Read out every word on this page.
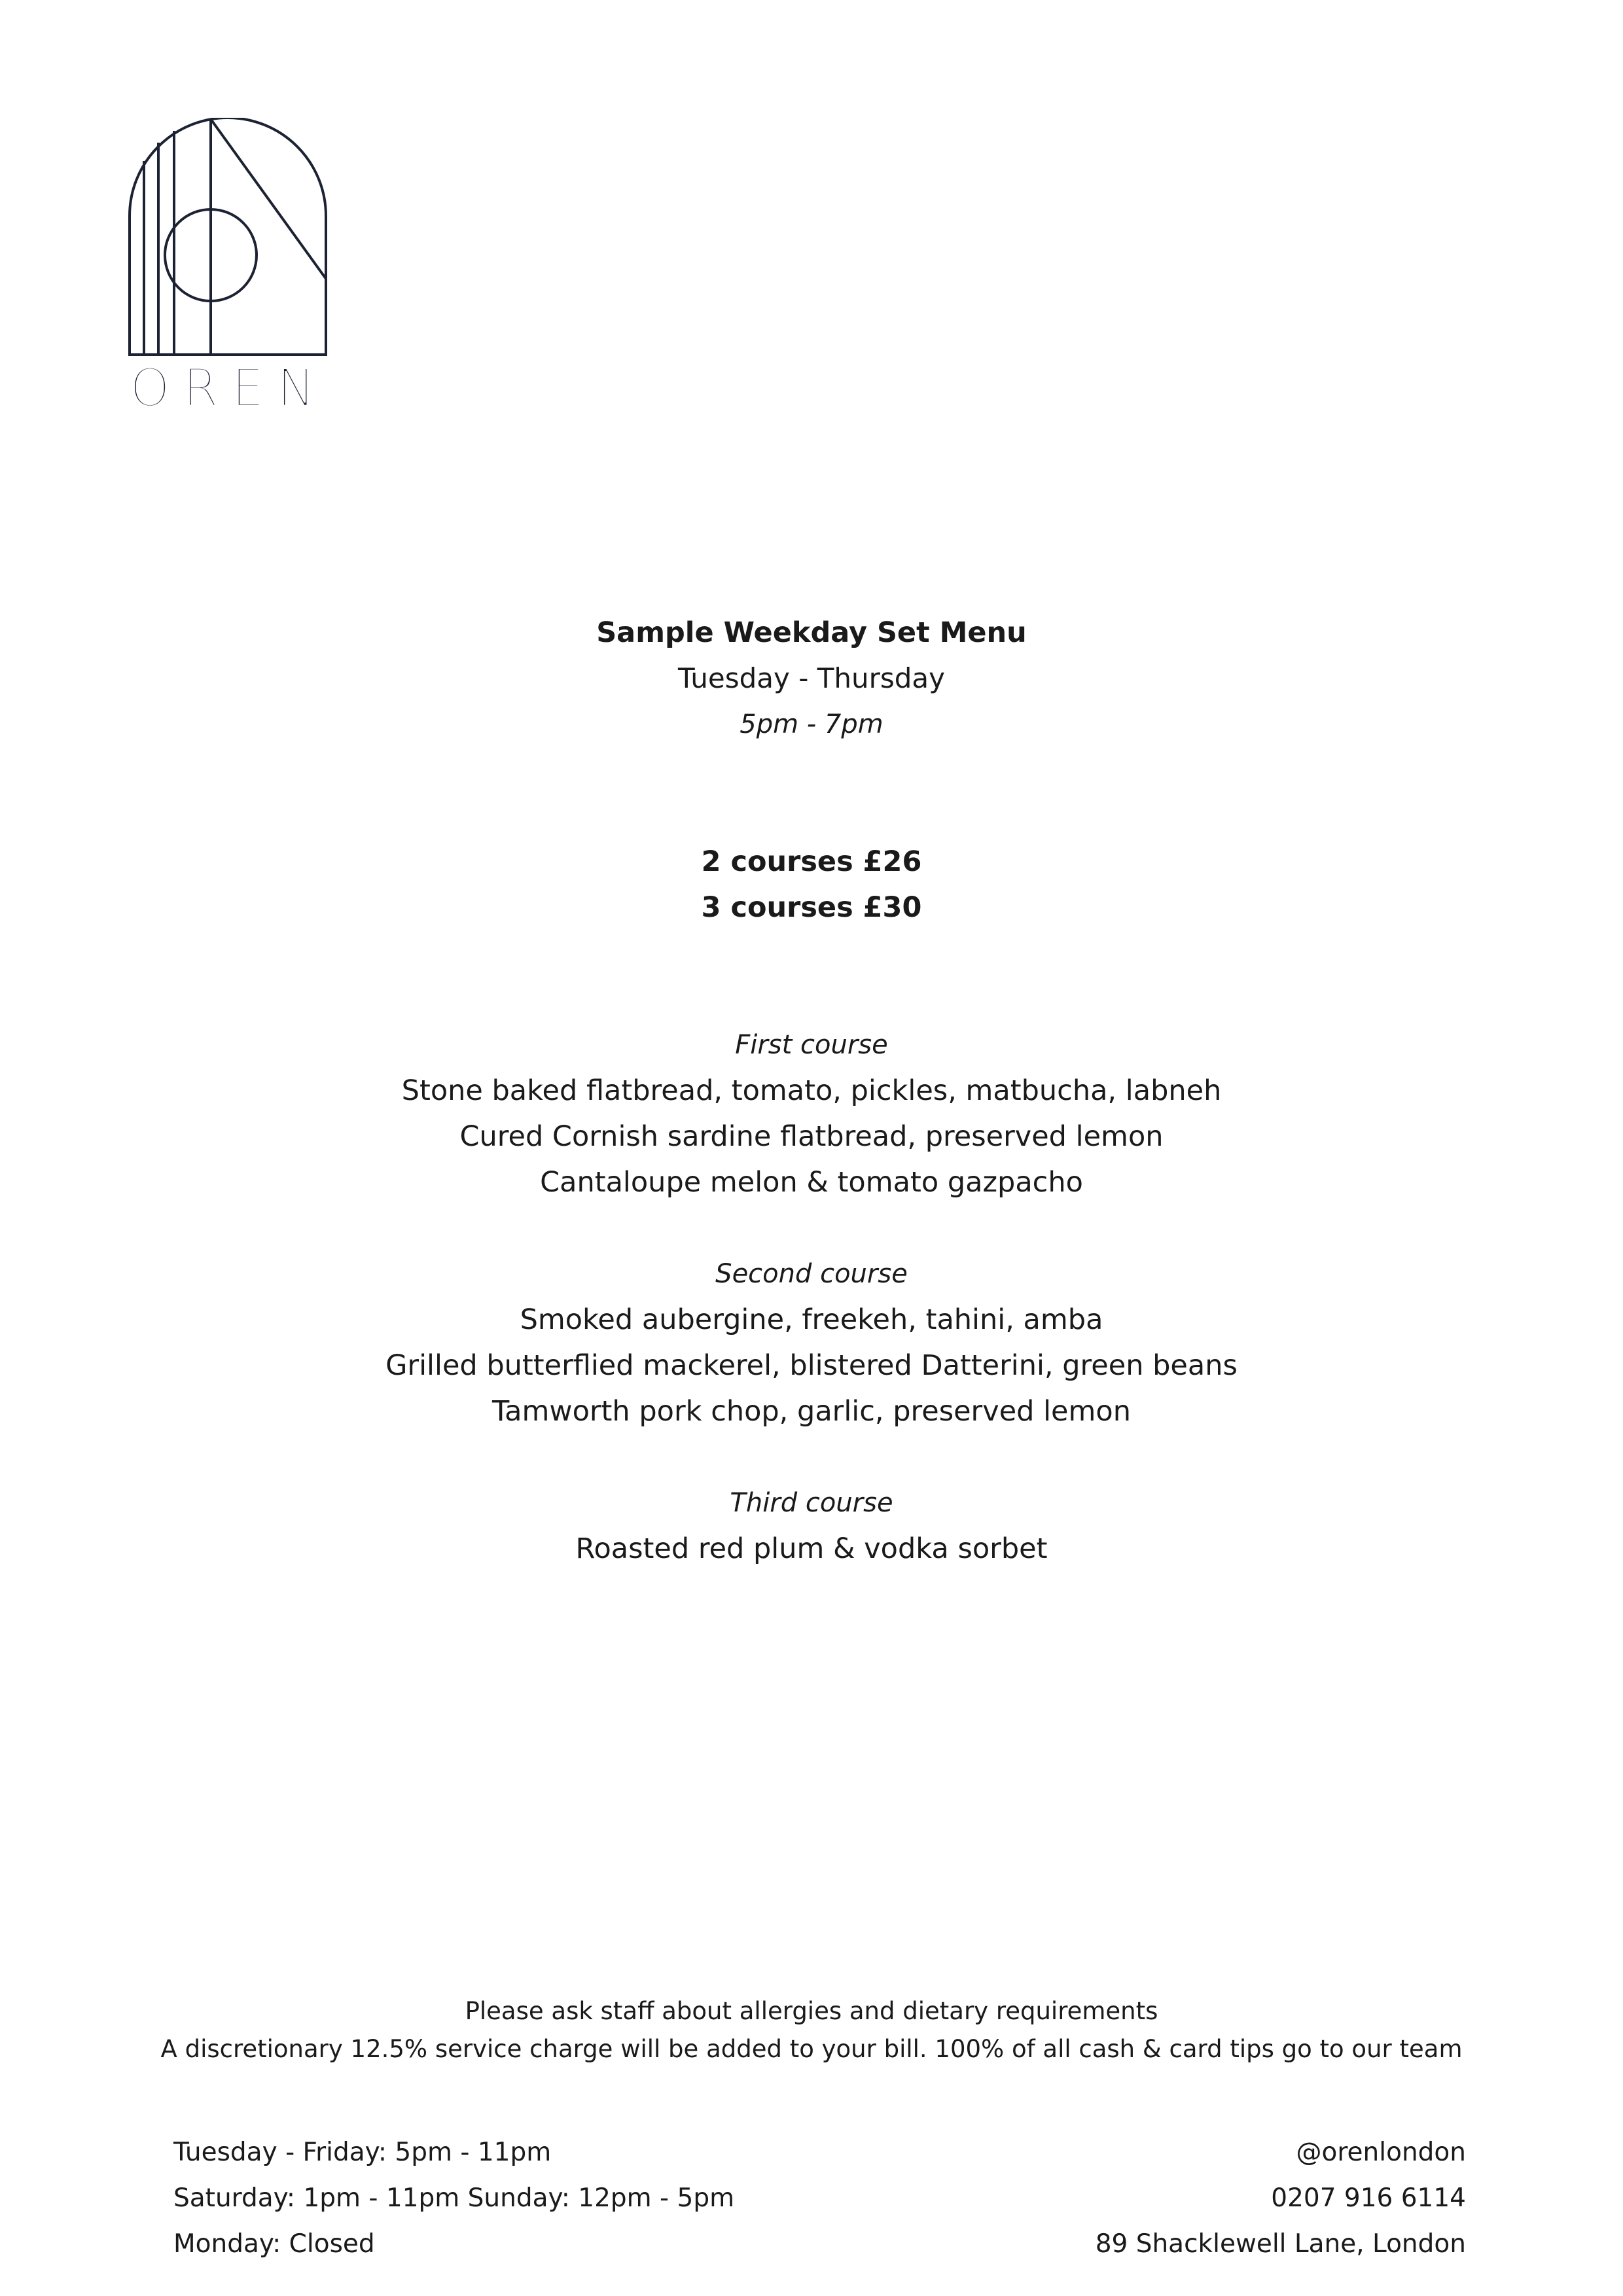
OREN
Sample Weekday Set Menu
Tuesday - Thursday
5pm - 7pm
2 courses £26
3 courses £30
First course
Stone baked flatbread, tomato, pickles, matbucha, labneh
Cured Cornish sardine flatbread, preserved lemon
Cantaloupe melon & tomato gazpacho
Second course
Smoked aubergine, freekeh, tahini, amba
Grilled butterflied mackerel, blistered Datterini, green beans
Tamworth pork chop, garlic, preserved lemon
Third course
Roasted red plum & vodka sorbet
Please ask staff about allergies and dietary requirements
A discretionary 12.5% service charge will be added to your bill. 100% of all cash & card tips go to our team
Tuesday - Friday: 5pm - 11pm
Saturday: 1pm - 11pm Sunday: 12pm - 5pm
Monday: Closed
@orenlondon
0207 916 6114
89 Shacklewell Lane, London
